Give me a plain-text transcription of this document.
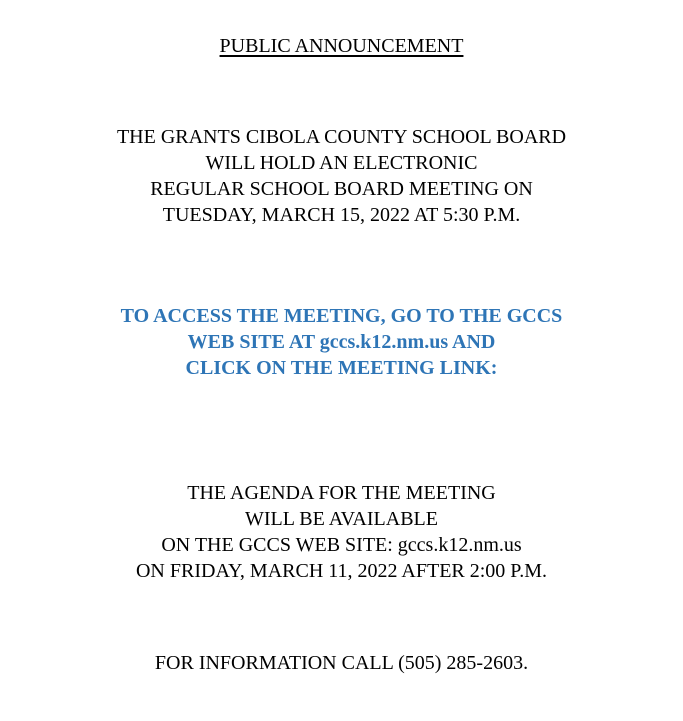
PUBLIC ANNOUNCEMENT
THE GRANTS CIBOLA COUNTY SCHOOL BOARD
WILL HOLD AN ELECTRONIC
REGULAR SCHOOL BOARD MEETING ON
TUESDAY, MARCH 15, 2022 AT 5:30 P.M.
TO ACCESS THE MEETING, GO TO THE GCCS
WEB SITE AT gccs.k12.nm.us AND
CLICK ON THE MEETING LINK:
THE AGENDA FOR THE MEETING
WILL BE AVAILABLE
ON THE GCCS WEB SITE: gccs.k12.nm.us
ON FRIDAY, MARCH 11, 2022 AFTER 2:00 P.M.
FOR INFORMATION CALL (505) 285-2603.
